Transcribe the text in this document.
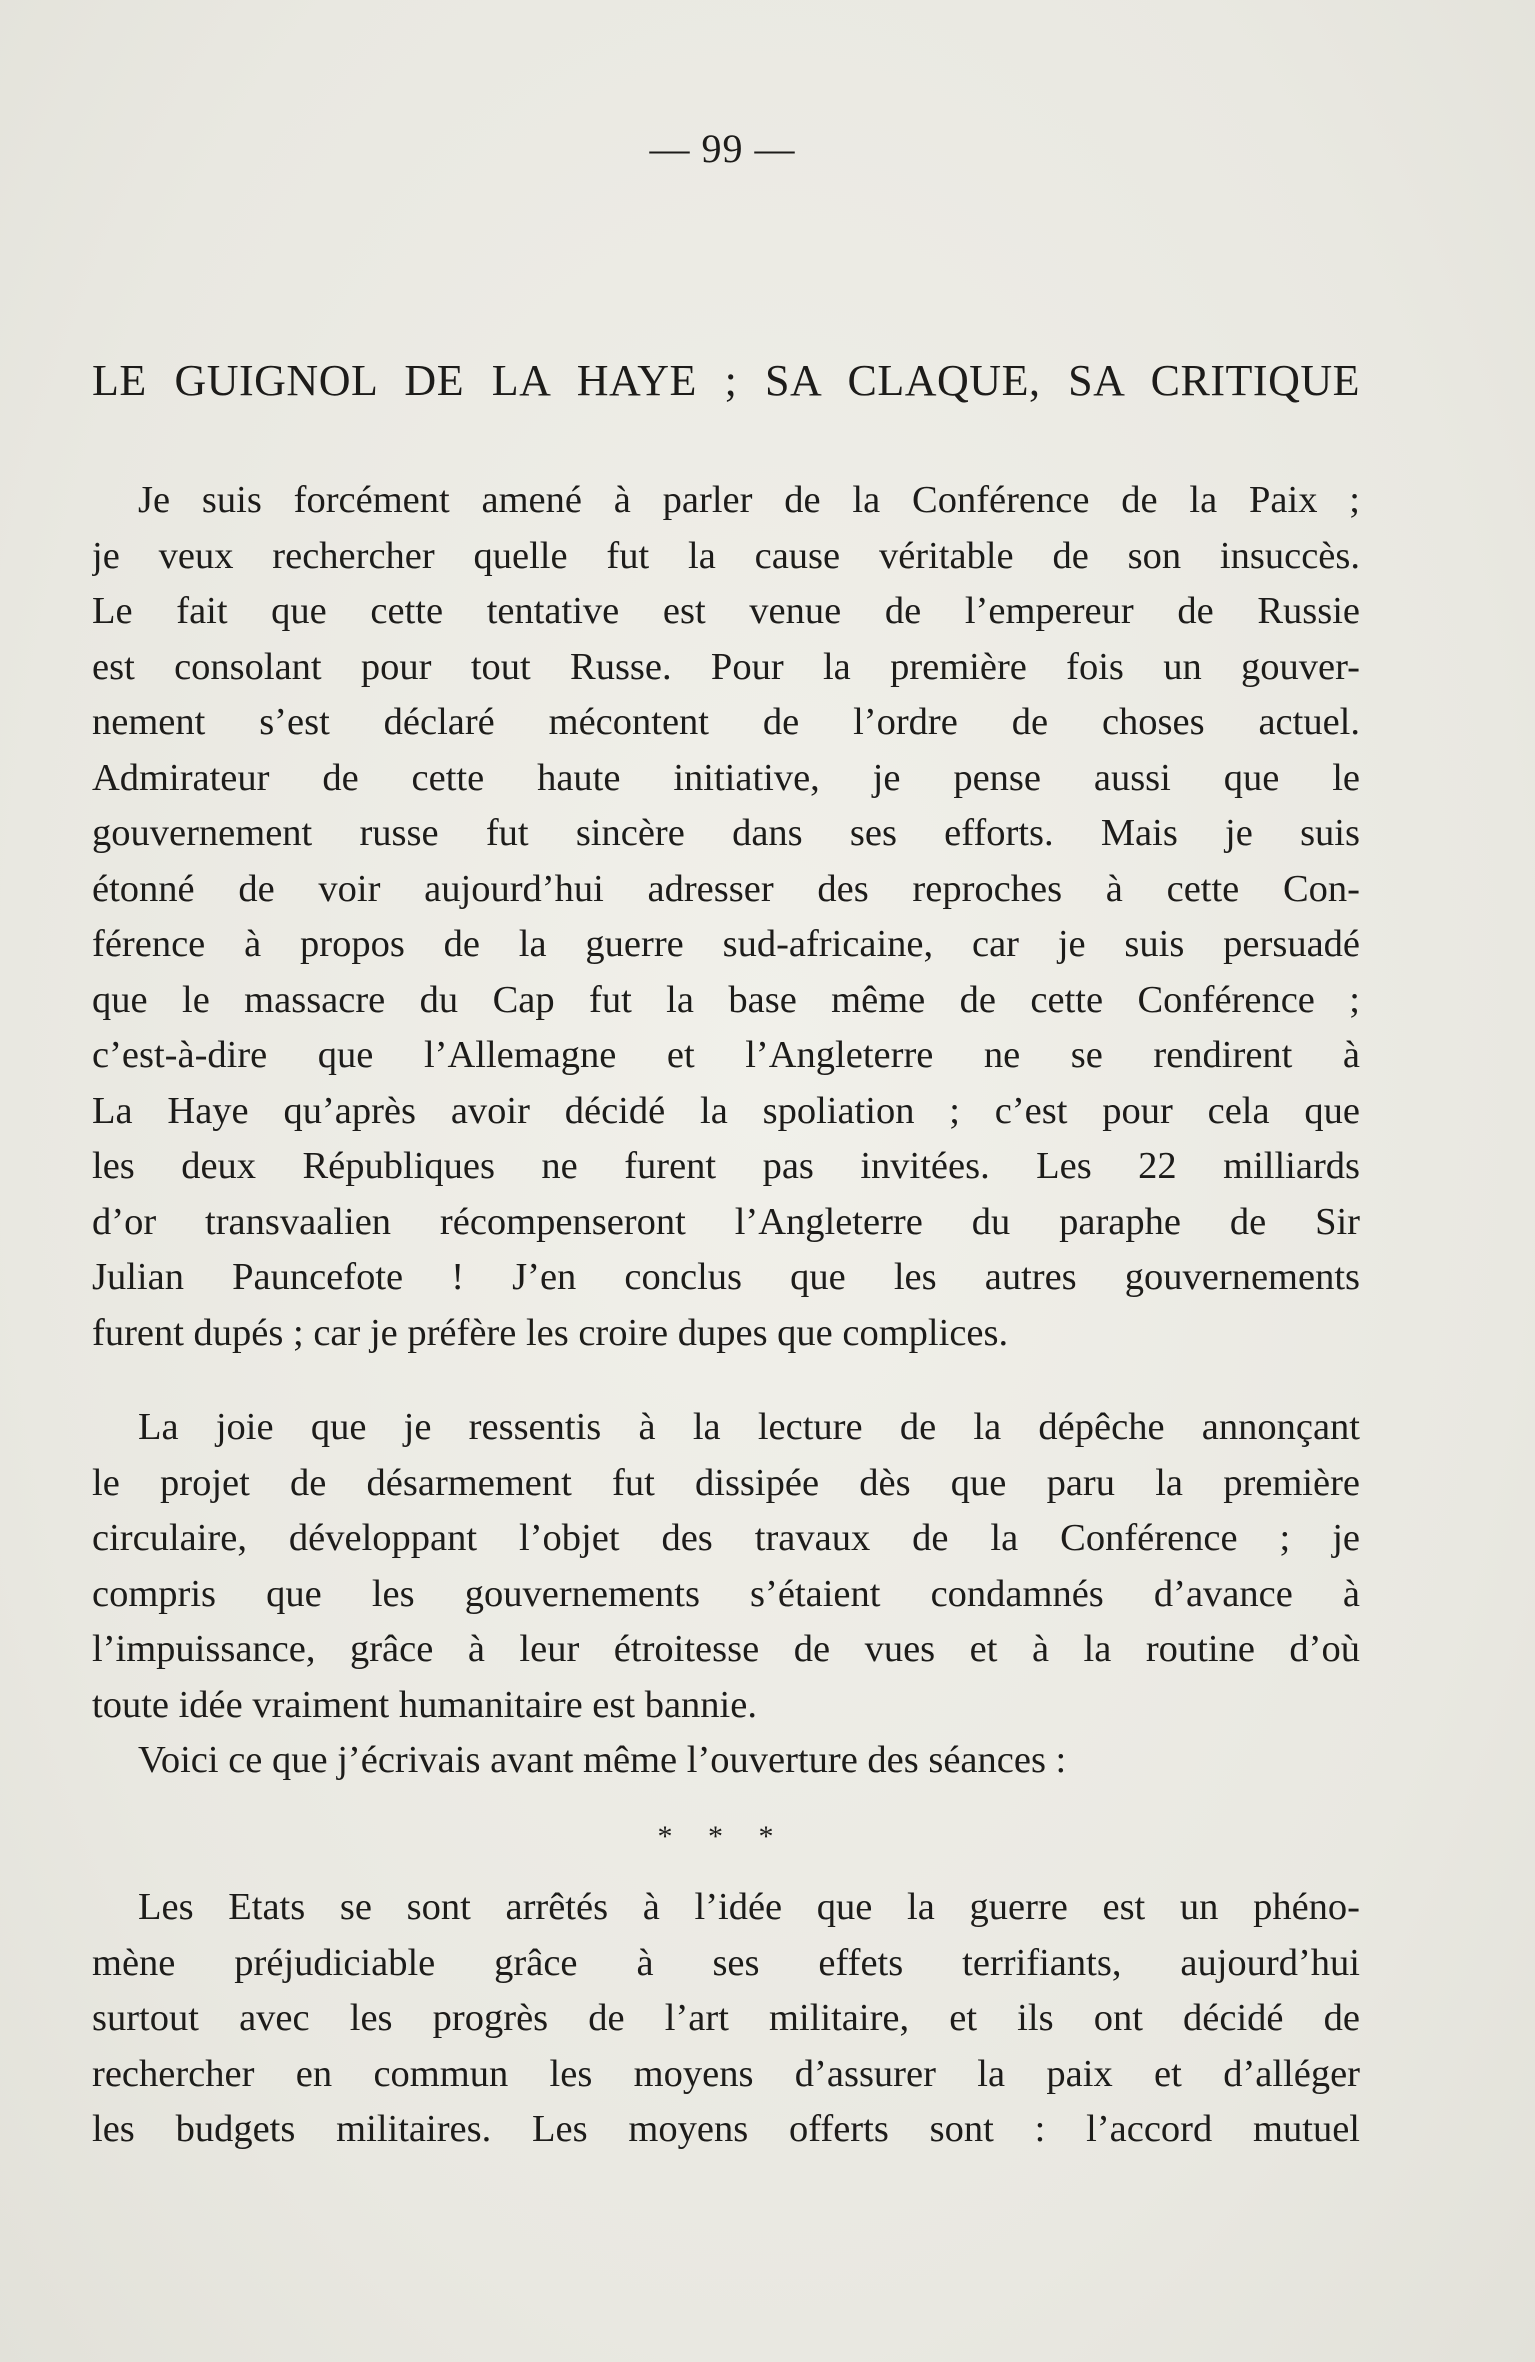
— 99 —
LE GUIGNOL DE LA HAYE ; SA CLAQUE, SA CRITIQUE
Je suis forcément amené à parler de la Conférence de la Paix ;
je veux rechercher quelle fut la cause véritable de son insuccès.
Le fait que cette tentative est venue de l’empereur de Russie
est consolant pour tout Russe. Pour la première fois un gouver-
nement s’est déclaré mécontent de l’ordre de choses actuel.
Admirateur de cette haute initiative, je pense aussi que le
gouvernement russe fut sincère dans ses efforts. Mais je suis
étonné de voir aujourd’hui adresser des reproches à cette Con-
férence à propos de la guerre sud-africaine, car je suis persuadé
que le massacre du Cap fut la base même de cette Conférence ;
c’est-à-dire que l’Allemagne et l’Angleterre ne se rendirent à
La Haye qu’après avoir décidé la spoliation ; c’est pour cela que
les deux Républiques ne furent pas invitées. Les 22 milliards
d’or transvaalien récompenseront l’Angleterre du paraphe de Sir
Julian Pauncefote ! J’en conclus que les autres gouvernements
furent dupés ; car je préfère les croire dupes que complices.
La joie que je ressentis à la lecture de la dépêche annonçant
le projet de désarmement fut dissipée dès que paru la première
circulaire, développant l’objet des travaux de la Conférence ; je
compris que les gouvernements s’étaient condamnés d’avance à
l’impuissance, grâce à leur étroitesse de vues et à la routine d’où
toute idée vraiment humanitaire est bannie.
Voici ce que j’écrivais avant même l’ouverture des séances :
* * *
Les Etats se sont arrêtés à l’idée que la guerre est un phéno-
mène préjudiciable grâce à ses effets terrifiants, aujourd’hui
surtout avec les progrès de l’art militaire, et ils ont décidé de
rechercher en commun les moyens d’assurer la paix et d’alléger
les budgets militaires. Les moyens offerts sont : l’accord mutuel
